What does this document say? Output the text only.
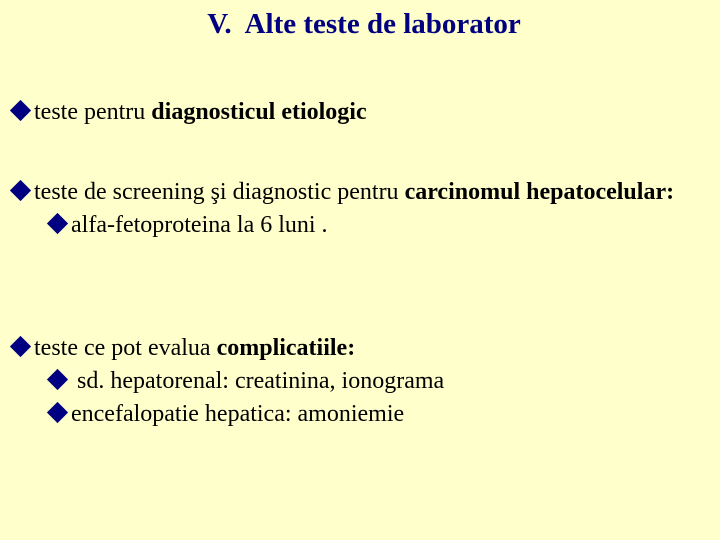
V.  Alte teste de laborator
teste pentru diagnosticul etiologic
teste de screening şi diagnostic pentru carcinomul hepatocelular:
alfa-fetoproteina la 6 luni .
teste ce pot evalua complicatiile:
sd. hepatorenal: creatinina, ionograma
encefalopatie hepatica: amoniemie
